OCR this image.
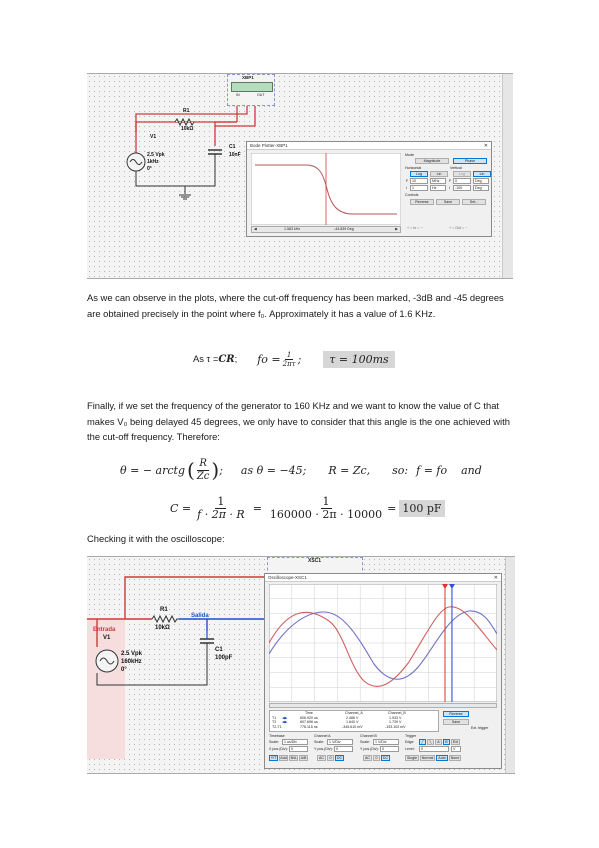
XBP1
IN	OUT
R1
10kΩ
V1
2.5 Vpk
1kHz
0°
C1
10nF
Bode Plotter-XBP1	✕
◀	1.583 kHz	-44.839 Deg	▶
Mode
Magnitude	Phase
Horizontal	Vertical
Log	Lin	Log	Lin
F	10	MHz
I	1	Hz
F	0	Deg
I	-100	Deg
Controls
Reverse	Save	Set...
+ ○ In ○ −	+ ○ Out ○ −
As we can observe in the plots, where the cut-off frequency has been marked, -3dB and -45 degrees are obtained precisely in the point where f₀. Approximately it has a value of 1.6 KHz.
As τ = CR ; fo = $\frac{1}{2\pi\tau}$ ;	τ = 100ms
Finally, if we set the frequency of the generator to 160 KHz and we want to know the value of C that makes V₀ being delayed 45 degrees, we only have to consider that this angle is the one achieved with the cut-off frequency. Therefore:
θ = − arctg ( $\frac{R}{Zc}$ ) ; as θ = −45; R = Zc, so: f = fo and
$C = \frac{1}{f \cdot 2\pi \cdot R} = \frac{1}{160000 \cdot 2\pi \cdot 10000} = 100$ pF
Checking it with the oscilloscope:
XSC1
R1
10kΩ
Entrada
Salida
V1
2.5 Vpk
160kHz
0°
C1
100pF
Oscilloscope-XSC1	✕
Time	Channel_A	Channel_B
T1 ◀▶	606.920 us	2.486 V	1.933 V
T2 ◀▶	607.696 us	1.640 V	1.739 V
T2-T1	776.115 ns	-345.610 mV	-193.102 mV
Reverse
Save
Ext. trigger
Timebase
Scale:	1 us/Div
X pos.(Div): 0
Y/T	Add	B/A	A/B
Channel A
Scale:	1 V/Div
Y pos.(Div): 0
AC	0	DC
Channel B
Scale:	1 V/Div
Y pos.(Div): 0
AC	0	DC
Trigger
Edge:	╱	╲	A	B	Ext
Level:	0	V
Single	Normal	Auto	None
